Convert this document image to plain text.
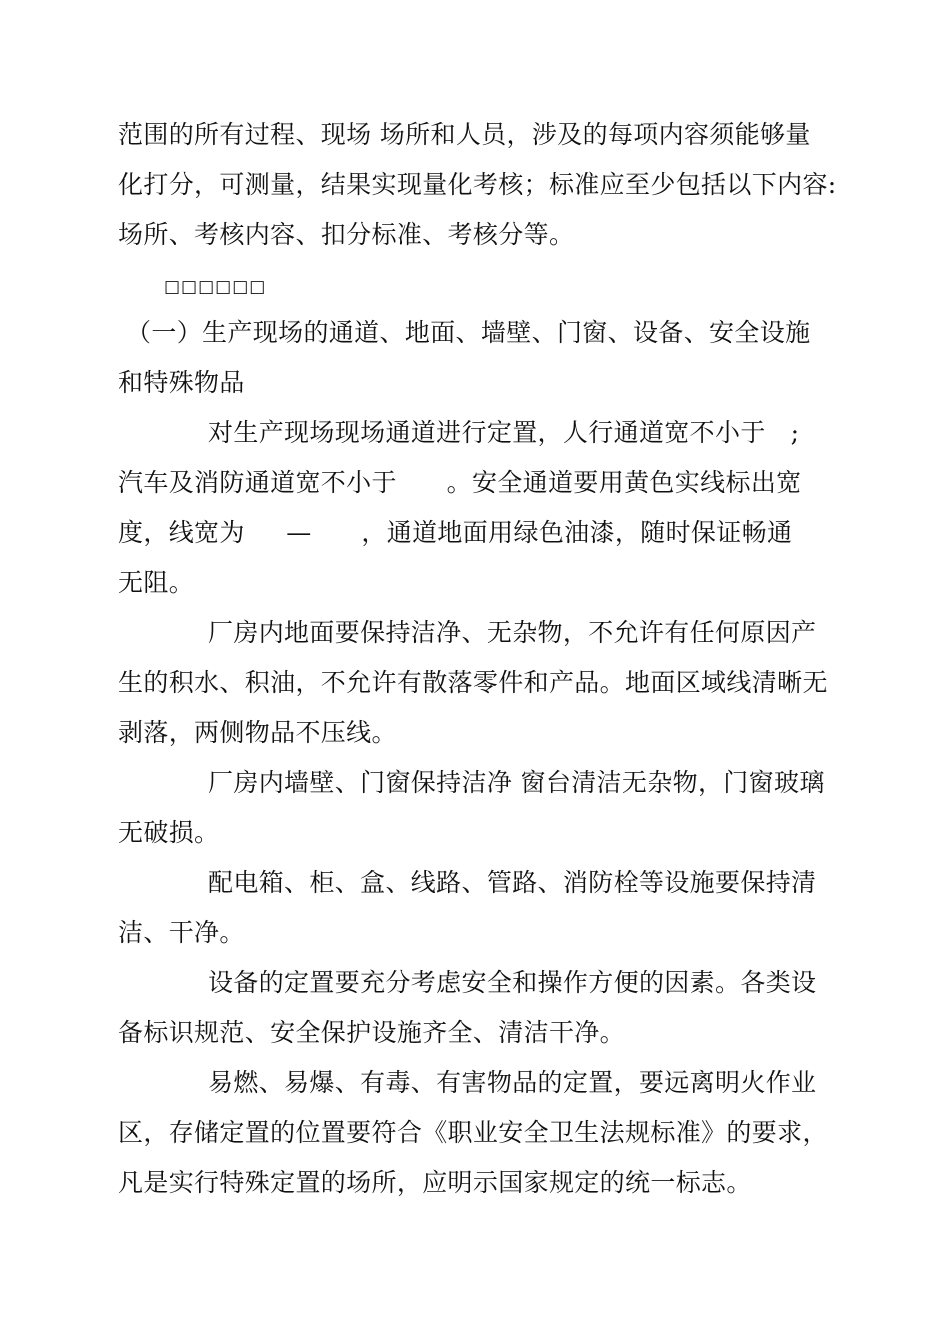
范围的所有过程、现场 场所和人员，涉及的每项内容须能够量
化打分，可测量，结果实现量化考核；标准应至少包括以下内容:
场所、考核内容、扣分标准、考核分等。
□□□□□□
（一）生产现场的通道、地面、墙壁、门窗、设备、安全设施
和特殊物品
对生产现场现场通道进行定置，人行通道宽不小于   ;
汽车及消防通道宽不小于      。安全通道要用黄色实线标出宽
度，线宽为     —      ，通道地面用绿色油漆，随时保证畅通
无阻。
厂房内地面要保持洁净、无杂物，不允许有任何原因产
生的积水、积油，不允许有散落零件和产品。地面区域线清晰无
剥落，两侧物品不压线。
厂房内墙壁、门窗保持洁净 窗台清洁无杂物，门窗玻璃
无破损。
配电箱、柜、盒、线路、管路、消防栓等设施要保持清
洁、干净。
设备的定置要充分考虑安全和操作方便的因素。各类设
备标识规范、安全保护设施齐全、清洁干净。
易燃、易爆、有毒、有害物品的定置，要远离明火作业
区，存储定置的位置要符合《职业安全卫生法规标准》的要求，
凡是实行特殊定置的场所，应明示国家规定的统一标志。
